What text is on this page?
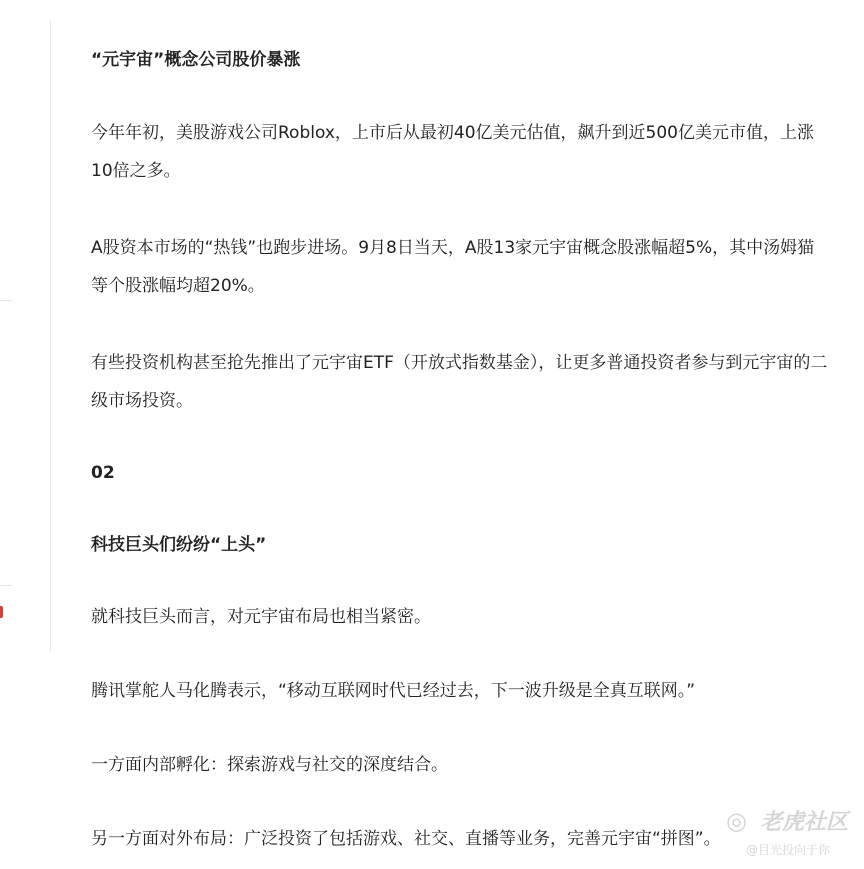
“元宇宙”概念公司股价暴涨

今年年初，美股游戏公司Roblox，上市后从最初40亿美元估值，飙升到近500亿美元市值，上涨10倍之多。

A股资本市场的“热钱”也跑步进场。9月8日当天，A股13家元宇宙概念股涨幅超5%，其中汤姆猫等个股涨幅均超20%。

有些投资机构甚至抢先推出了元宇宙ETF（开放式指数基金），让更多普通投资者参与到元宇宙的二级市场投资。

02
科技巨头们纷纷“上头”

就科技巨头而言，对元宇宙布局也相当紧密。

腾讯掌舵人马化腾表示，“移动互联网时代已经过去，下一波升级是全真互联网。”

一方面内部孵化：探索游戏与社交的深度结合。

另一方面对外布局：广泛投资了包括游戏、社交、直播等业务，完善元宇宙“拼图”。

◎ 老虎社区
@目光投向于你
